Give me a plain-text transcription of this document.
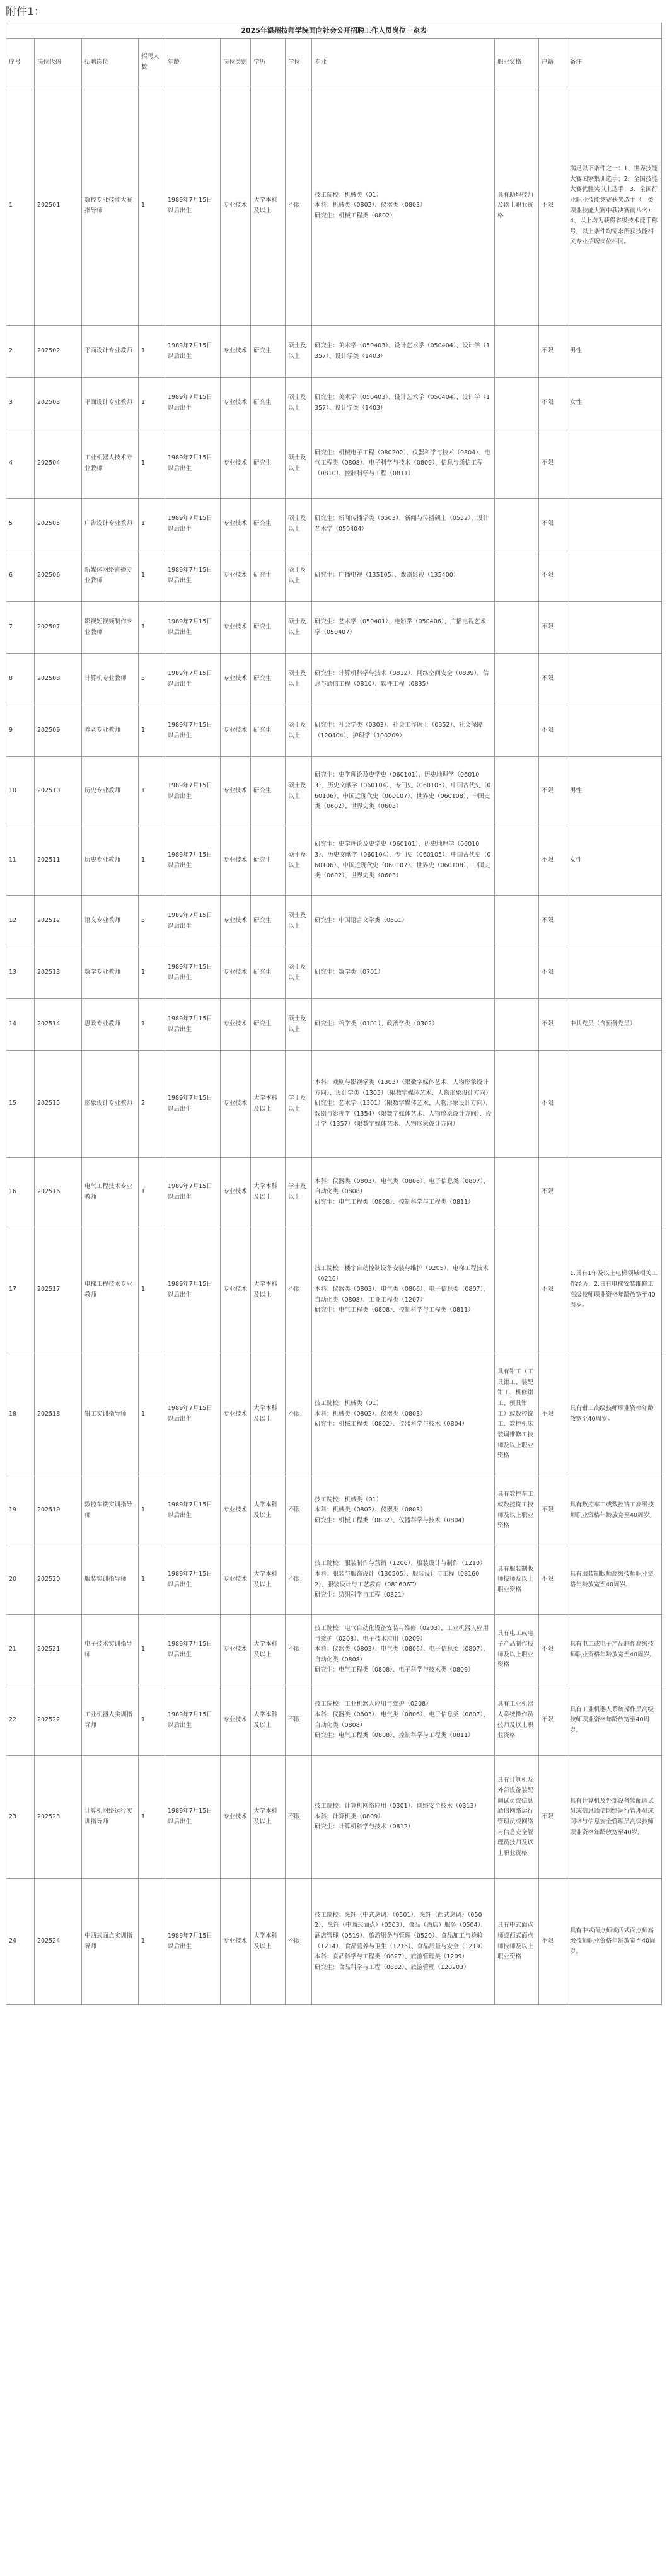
附件1：
2025年温州技师学院面向社会公开招聘工作人员岗位一览表											
序号	岗位代码	招聘岗位	招聘人数	年龄	岗位类别	学历	学位	专业	职业资格	户籍	备注
1	202501	数控专业技能大赛指导师	1	1989年7月15日以后出生	专业技术	大学本科及以上	不限	技工院校：机械类（01）
本科：机械类（0802）、仪器类（0803）
研究生：机械工程类（0802）	具有助理技师及以上职业资格	不限	满足以下条件之一：1、世界技能大赛国家集训选手；2、全国技能大赛优胜奖以上选手；3、全国行业职业技能竞赛获奖选手（一类职业技能大赛中获决赛前八名）；4、以上均为获得省级技术能手称号，以上条件均需求所获技能相关专业招聘岗位相同。
2	202502	平面设计专业教师	1	1989年7月15日以后出生	专业技术	研究生	硕士及以上	研究生：美术学（050403）、设计艺术学（050404）、设计学（1357）、设计学类（1403）		不限	男性
3	202503	平面设计专业教师	1	1989年7月15日以后出生	专业技术	研究生	硕士及以上	研究生：美术学（050403）、设计艺术学（050404）、设计学（1357）、设计学类（1403）		不限	女性
4	202504	工业机器人技术专业教师	1	1989年7月15日以后出生	专业技术	研究生	硕士及以上	研究生：机械电子工程（080202）、仪器科学与技术（0804）、电气工程类（0808）、电子科学与技术（0809）、信息与通信工程（0810）、控制科学与工程（0811）		不限	
5	202505	广告设计专业教师	1	1989年7月15日以后出生	专业技术	研究生	硕士及以上	研究生：新闻传播学类（0503）、新闻与传播硕士（0552）、设计艺术学（050404）		不限	
6	202506	新媒体网络直播专业教师	1	1989年7月15日以后出生	专业技术	研究生	硕士及以上	研究生：广播电视（135105）、戏剧影视（135400）		不限	
7	202507	影视短视频制作专业教师	1	1989年7月15日以后出生	专业技术	研究生	硕士及以上	研究生：艺术学（050401）、电影学（050406）、广播电视艺术学（050407）		不限	
8	202508	计算机专业教师	3	1989年7月15日以后出生	专业技术	研究生	硕士及以上	研究生：计算机科学与技术（0812）、网络空间安全（0839）、信息与通信工程（0810）、软件工程（0835）		不限	
9	202509	养老专业教师	1	1989年7月15日以后出生	专业技术	研究生	硕士及以上	研究生：社会学类（0303）、社会工作硕士（0352）、社会保障（120404）、护理学（100209）		不限	
10	202510	历史专业教师	1	1989年7月15日以后出生	专业技术	研究生	硕士及以上	研究生：史学理论及史学史（060101）、历史地理学（060103）、历史文献学（060104）、专门史（060105）、中国古代史（060106）、中国近现代史（060107）、世界史（060108）、中国史类（0602）、世界史类（0603）		不限	男性
11	202511	历史专业教师	1	1989年7月15日以后出生	专业技术	研究生	硕士及以上	研究生：史学理论及史学史（060101）、历史地理学（060103）、历史文献学（060104）、专门史（060105）、中国古代史（060106）、中国近现代史（060107）、世界史（060108）、中国史类（0602）、世界史类（0603）		不限	女性
12	202512	语文专业教师	3	1989年7月15日以后出生	专业技术	研究生	硕士及以上	研究生：中国语言文学类（0501）		不限	
13	202513	数学专业教师	1	1989年7月15日以后出生	专业技术	研究生	硕士及以上	研究生：数学类（0701）		不限	
14	202514	思政专业教师	1	1989年7月15日以后出生	专业技术	研究生	硕士及以上	研究生：哲学类（0101）、政治学类（0302）		不限	中共党员（含预备党员）
15	202515	形象设计专业教师	2	1989年7月15日以后出生	专业技术	大学本科及以上	学士及以上	本科：戏剧与影视学类（1303）（限数字媒体艺术、人物形象设计方向）、设计学类（1305）（限数字媒体艺术、人物形象设计方向）
研究生：艺术学（1301）（限数字媒体艺术、人物形象设计方向）、戏剧与影视学（1354）（限数字媒体艺术、人物形象设计方向）、设计学（1357）（限数字媒体艺术、人物形象设计方向）		不限	
16	202516	电气工程技术专业教师	1	1989年7月15日以后出生	专业技术	大学本科及以上	学士及以上	本科：仪器类（0803）、电气类（0806）、电子信息类（0807）、自动化类（0808）
研究生：电气工程类（0808）、控制科学与工程类（0811）		不限	
17	202517	电梯工程技术专业教师	1	1989年7月15日以后出生	专业技术	大学本科及以上	不限	技工院校：楼宇自动控制设备安装与维护（0205）、电梯工程技术（0216）
本科：仪器类（0803）、电气类（0806）、电子信息类（0807）、自动化类（0808）、工业工程类（1207）
研究生：电气工程类（0808）、控制科学与工程类（0811）		不限	1.具有1年及以上电梯领域相关工作经历；2.具有电梯安装维修工高级技师职业资格年龄放宽至40周岁。
18	202518	钳工实训指导师	1	1989年7月15日以后出生	专业技术	大学本科及以上	不限	技工院校：机械类（01）
本科：机械类（0802）、仪器类（0803）
研究生：机械工程类（0802）、仪器科学与技术（0804）	具有钳工（工具钳工、装配钳工、机修钳工、模具钳工）或数控铣工、数控机床装调维修工技师及以上职业资格	不限	具有钳工高级技师职业资格年龄放宽至40周岁。
19	202519	数控车铣实训指导师	1	1989年7月15日以后出生	专业技术	大学本科及以上	不限	技工院校：机械类（01）
本科：机械类（0802）、仪器类（0803）
研究生：机械工程类（0802）、仪器科学与技术（0804）	具有数控车工或数控铣工技师及以上职业资格	不限	具有数控车工或数控铣工高级技师职业资格年龄放宽至40周岁。
20	202520	服装实训指导师	1	1989年7月15日以后出生	专业技术	大学本科及以上	不限	技工院校：服装制作与营销（1206）、服装设计与制作（1210）
本科：服装与服饰设计（130505）、服装设计与工程（081602）、服装设计与工艺教育（081606T）
研究生：纺织科学与工程（0821）	具有服装制版师技师及以上职业资格	不限	具有服装制版师高级技师职业资格年龄放宽至40周岁。
21	202521	电子技术实训指导师	1	1989年7月15日以后出生	专业技术	大学本科及以上	不限	技工院校：电气自动化设备安装与维修（0203）、工业机器人应用与维护（0208）、电子技术应用（0209）
本科：仪器类（0803）、电气类（0806）、电子信息类（0807）、自动化类（0808）
研究生：电气工程类（0808）、电子科学与技术类（0809）	具有电工或电子产品制作技师及以上职业资格	不限	具有电工或电子产品制作高级技师职业资格年龄放宽至40周岁。
22	202522	工业机器人实训指导师	1	1989年7月15日以后出生	专业技术	大学本科及以上	不限	技工院校：工业机器人应用与维护（0208）
本科：仪器类（0803）、电气类（0806）、电子信息类（0807）、自动化类（0808）
研究生：电气工程类（0808）、控制科学与工程类（0811）	具有工业机器人系统操作员技师及以上职业资格	不限	具有工业机器人系统操作员高级技师职业资格年龄放宽至40周岁。
23	202523	计算机网络运行实训指导师	1	1989年7月15日以后出生	专业技术	大学本科及以上	不限	技工院校：计算机网络应用（0301）、网络安全技术（0313）
本科：计算机类（0809）
研究生：计算机科学与技术（0812）	具有计算机及外部设备装配调试员或信息通信网络运行管理员或网络与信息安全管理员技师及以上职业资格	不限	具有计算机及外部设备装配调试员或信息通信网络运行管理员或网络与信息安全管理员高级技师职业资格年龄放宽至40岁。
24	202524	中西式面点实训指导师	1	1989年7月15日以后出生	专业技术	大学本科及以上	不限	技工院校：烹饪（中式烹调）（0501）、烹饪（西式烹调）（0502）、烹饪（中西式面点）（0503）、食品（酒店）服务（0504）、酒店管理（0519）、旅游服务与管理（0520）、食品加工与检验（1214）、食品营养与卫生（1216）、食品质量与安全（1219）
本科：食品科学与工程类（0827）、旅游管理类（1209）
研究生：食品科学与工程（0832）、旅游管理（120203）	具有中式面点师或西式面点师技师及以上职业资格	不限	具有中式面点师或西式面点师高级技师职业资格年龄放宽至40周岁。
